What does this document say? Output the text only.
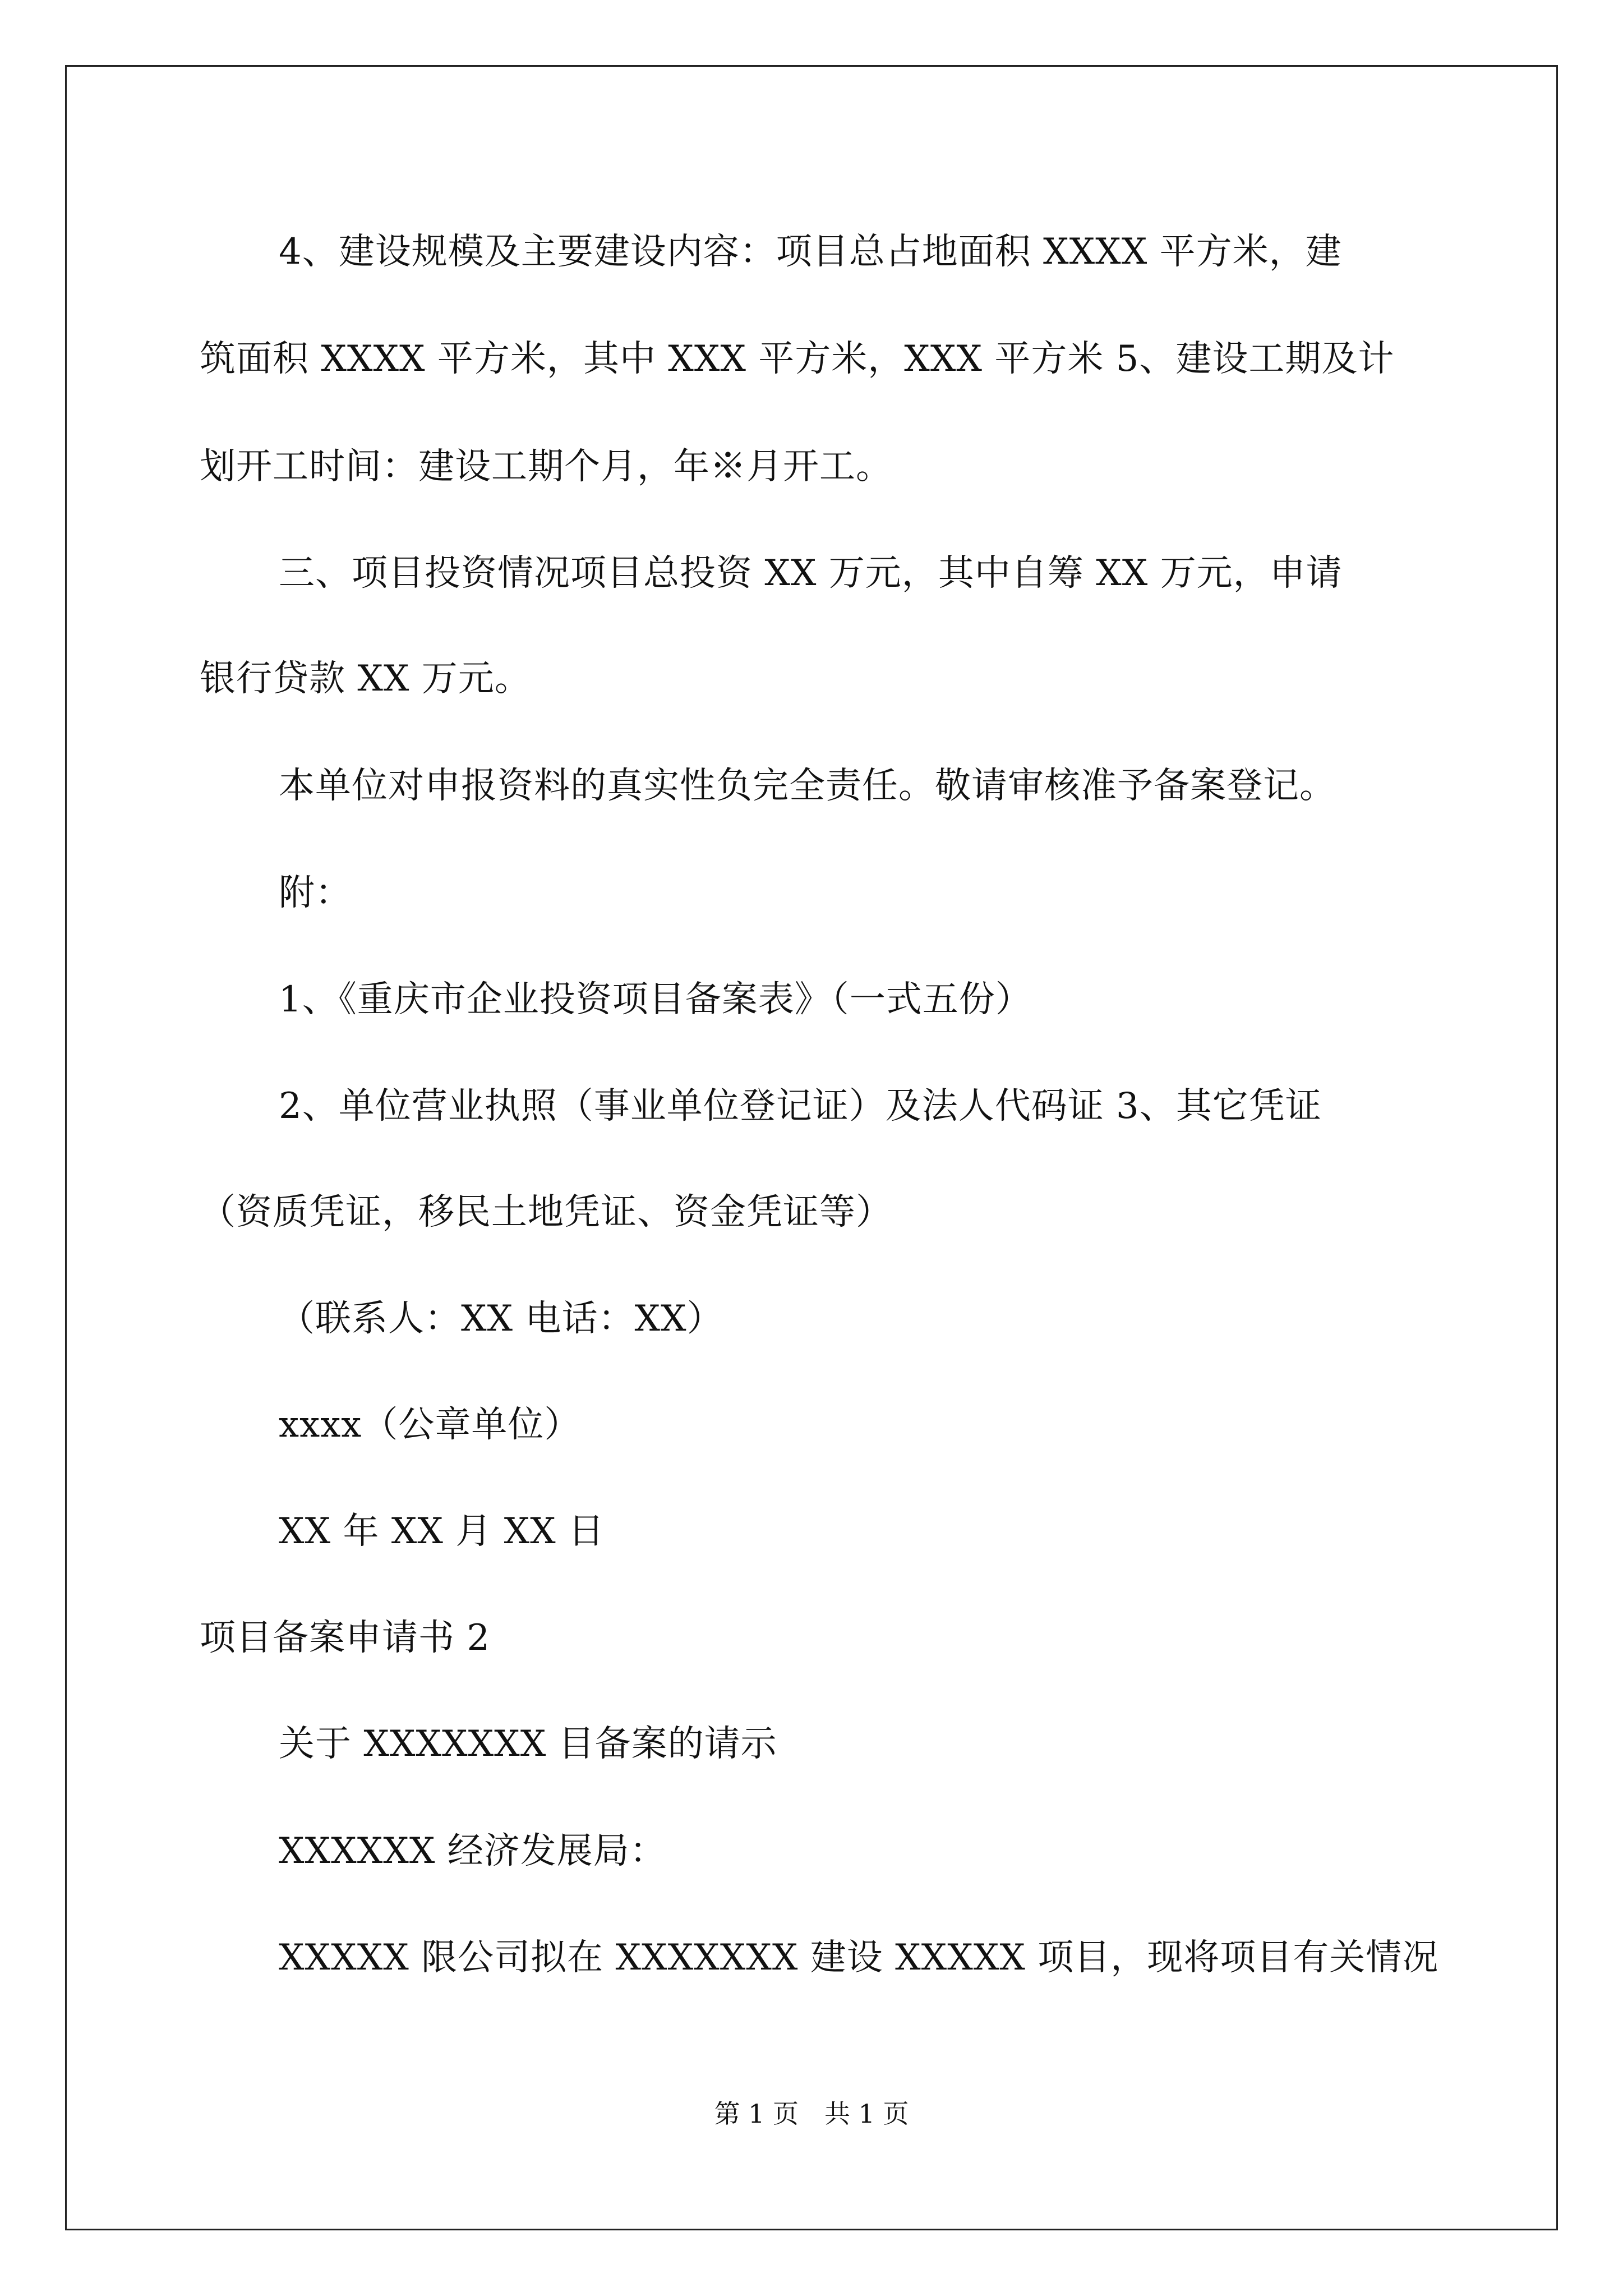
4、建设规模及主要建设内容：项目总占地面积 XXXX 平方米，建
筑面积 XXXX 平方米，其中 XXX 平方米，XXX 平方米 5、建设工期及计
划开工时间：建设工期个月，年※月开工。
三、项目投资情况项目总投资 XX 万元，其中自筹 XX 万元，申请
银行贷款 XX 万元。
本单位对申报资料的真实性负完全责任。敬请审核准予备案登记。
附：
1、《重庆市企业投资项目备案表》（一式五份）
2、单位营业执照（事业单位登记证）及法人代码证 3、其它凭证
（资质凭证，移民土地凭证、资金凭证等）
（联系人：XX 电话：XX）
xxxx（公章单位）
XX 年 XX 月 XX 日
项目备案申请书 2
关于 XXXXXXX 目备案的请示
XXXXXX 经济发展局：
XXXXX 限公司拟在 XXXXXXX 建设 XXXXX 项目，现将项目有关情况
第 1 页　共 1 页
